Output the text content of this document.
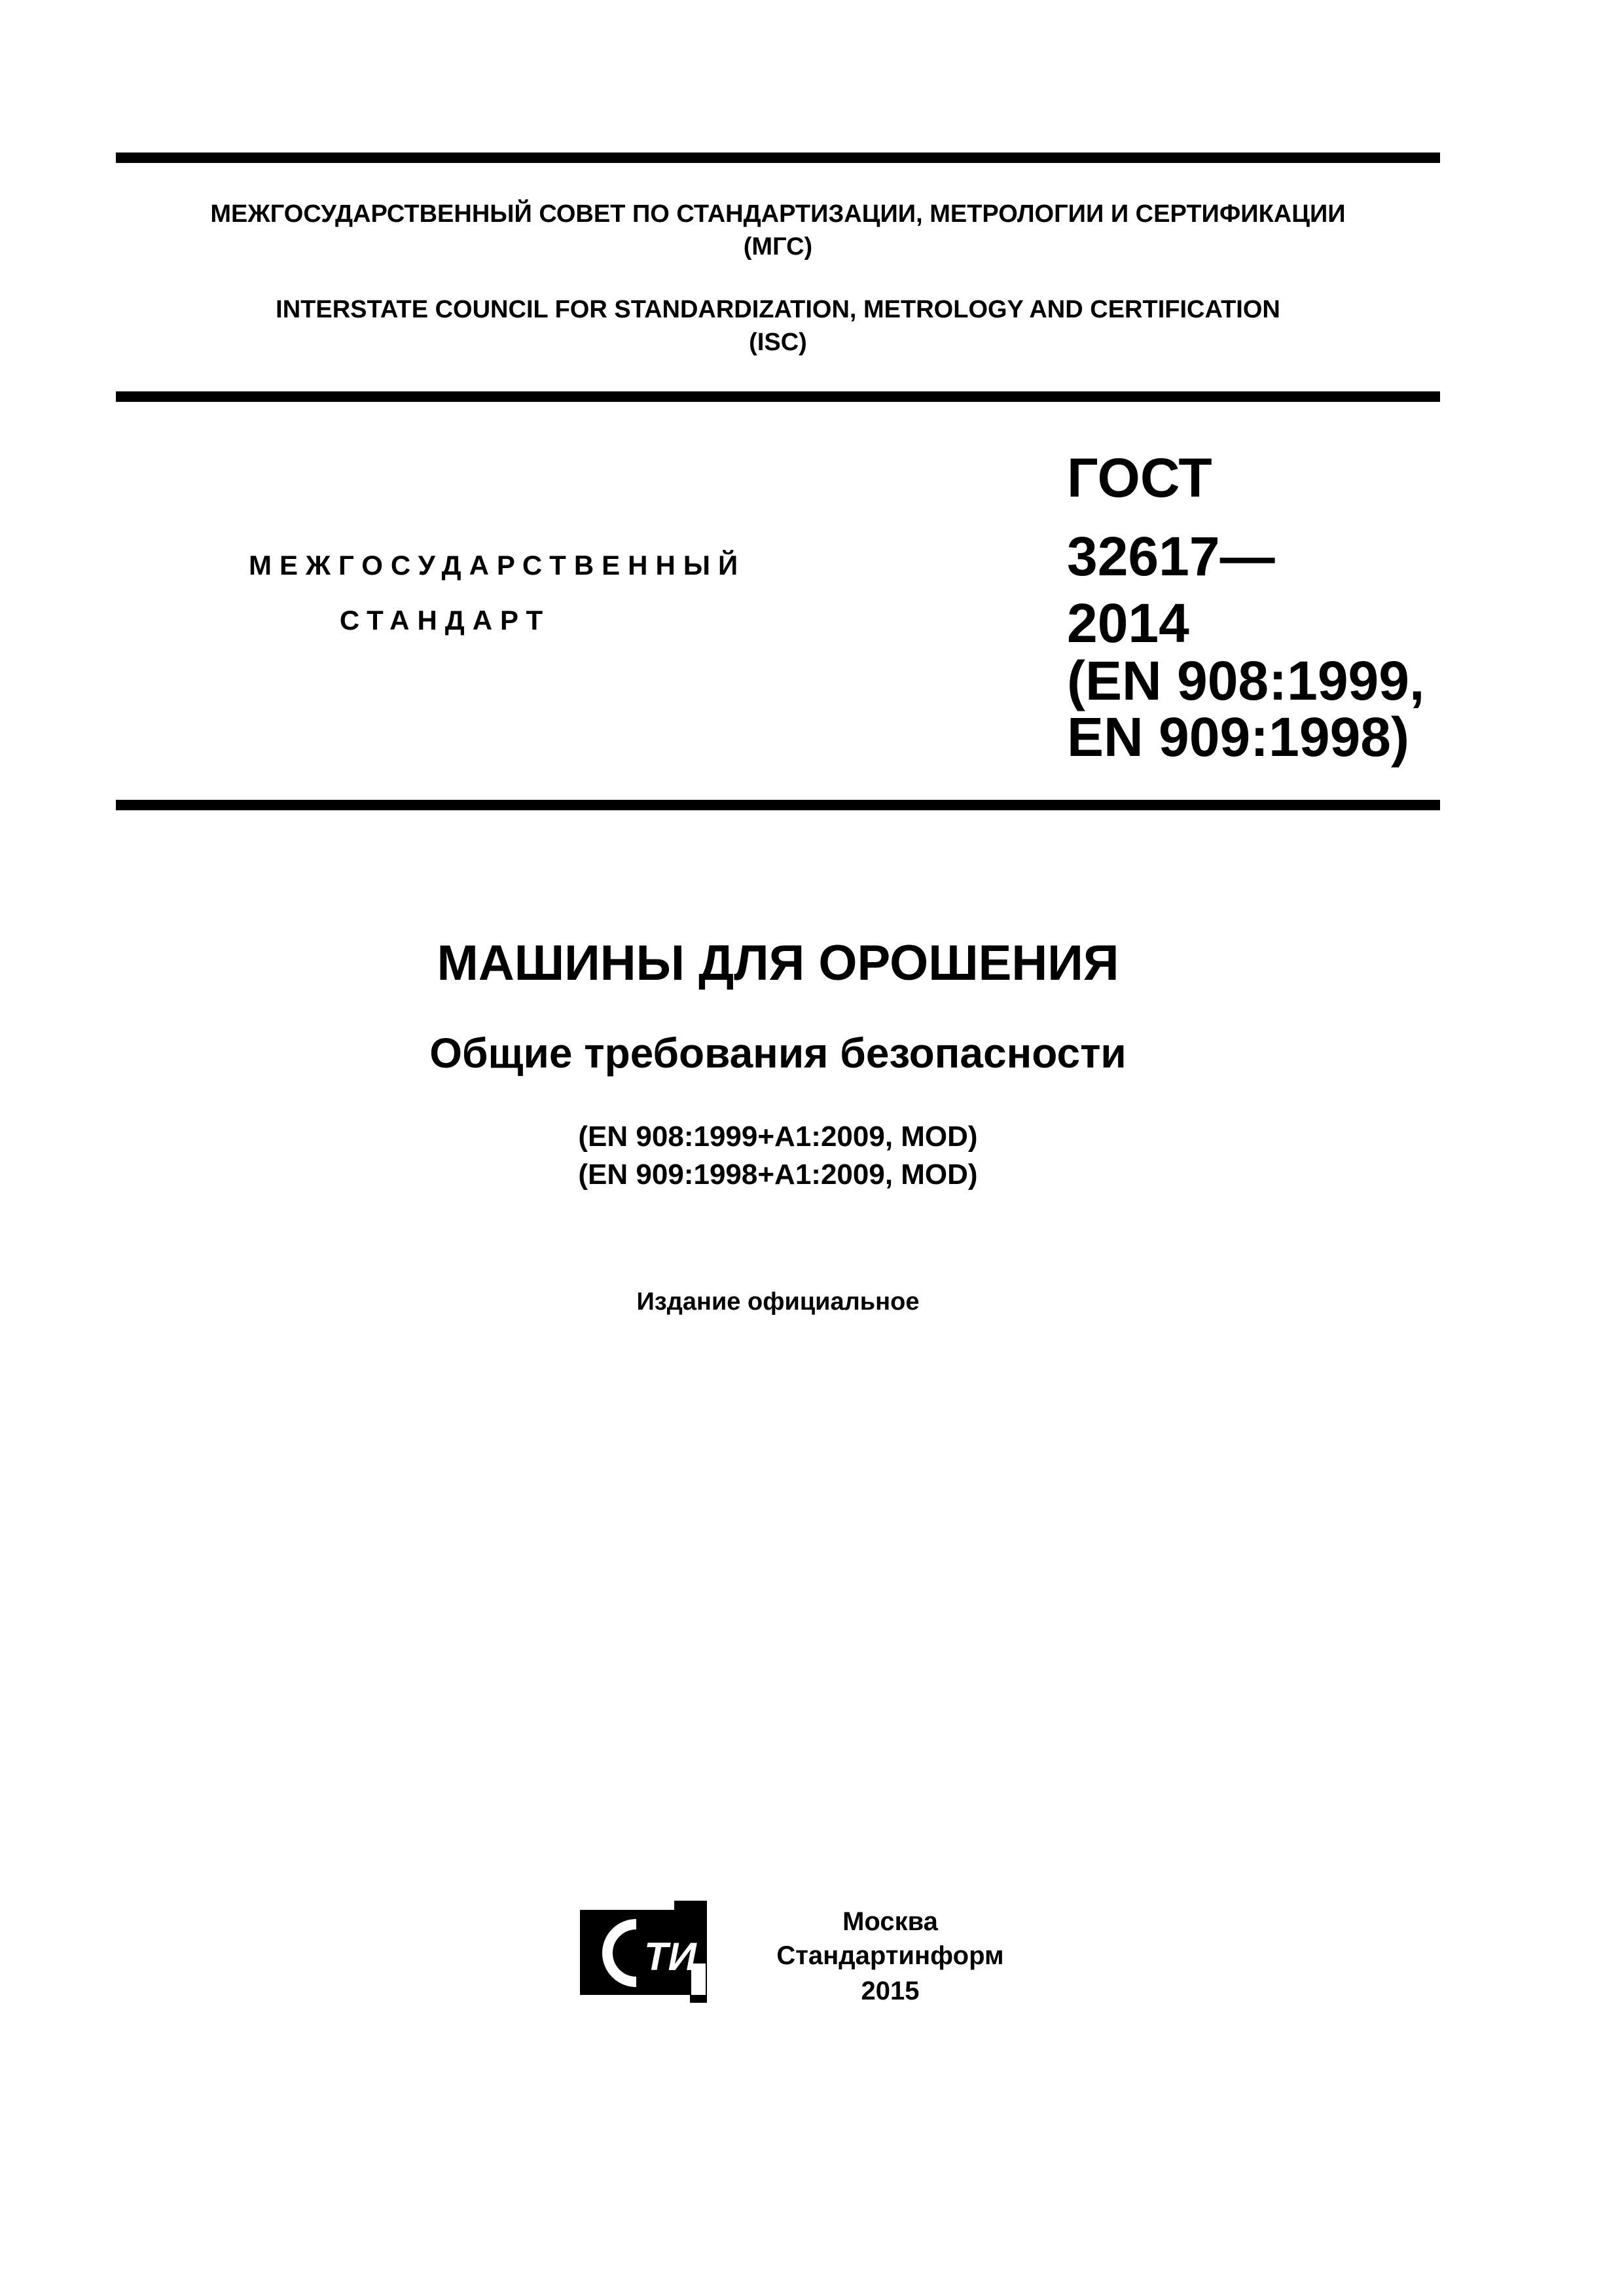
МЕЖГОСУДАРСТВЕННЫЙ СОВЕТ ПО СТАНДАРТИЗАЦИИ, МЕТРОЛОГИИ И СЕРТИФИКАЦИИ
(МГС)
INTERSTATE COUNCIL FOR STANDARDIZATION, METROLOGY AND CERTIFICATION
(ISC)
МЕЖГОСУДАРСТВЕННЫЙ
СТАНДАРТ
ГОСТ
32617—
2014
(EN 908:1999,
EN 909:1998)
МАШИНЫ ДЛЯ ОРОШЕНИЯ
Общие требования безопасности
(EN 908:1999+A1:2009, MOD)
(EN 909:1998+A1:2009, MOD)
Издание официальное
ТИ
Москва
Стандартинформ
2015
